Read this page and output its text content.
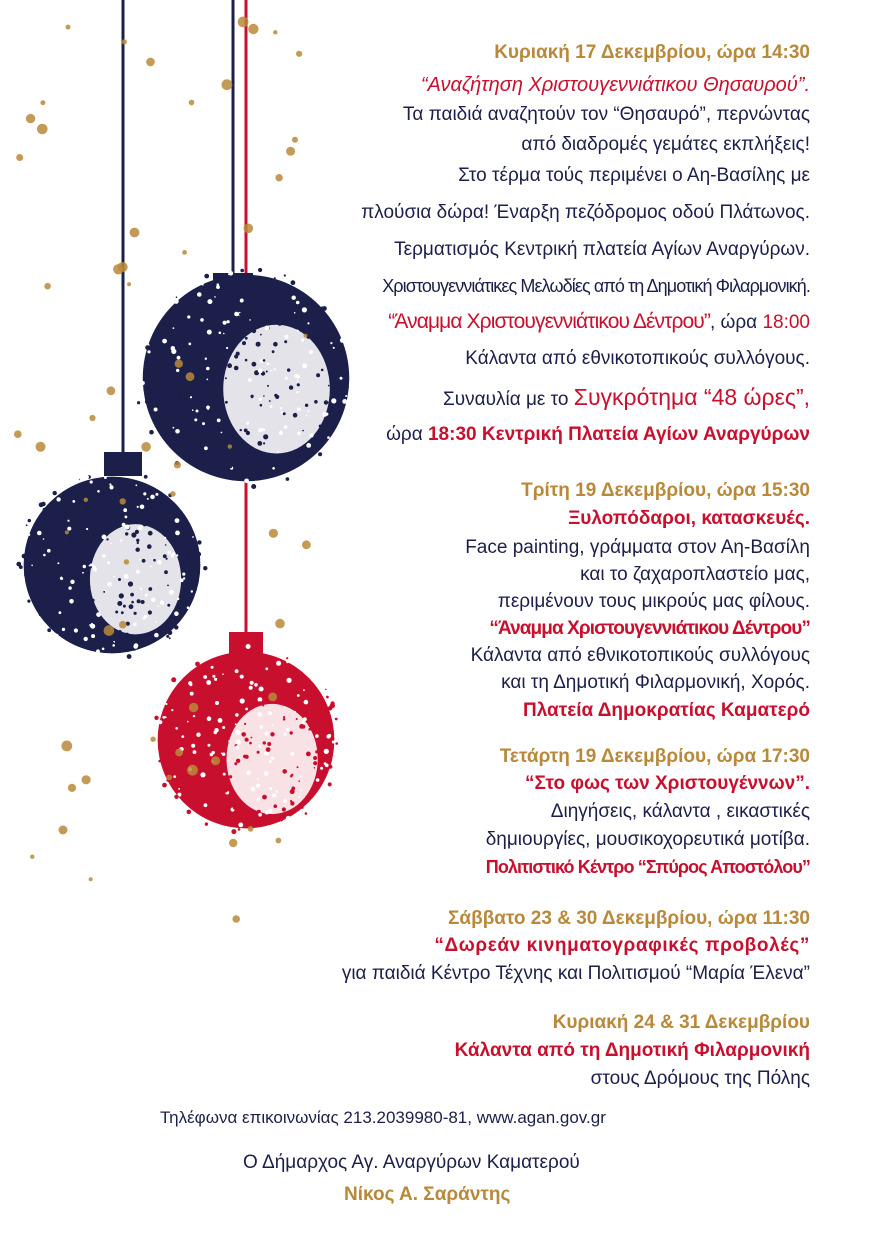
Κυριακή 17 Δεκεμβρίου, ώρα 14:30
“Αναζήτηση Χριστουγεννιάτικου Θησαυρού”.
Τα παιδιά αναζητούν τον “Θησαυρό”, περνώντας
από διαδρομές γεμάτες εκπλήξεις!
Στο τέρμα τούς περιμένει ο Αη-Βασίλης με
πλούσια δώρα! Έναρξη πεζόδρομος οδού Πλάτωνος.
Τερματισμός Κεντρική πλατεία Αγίων Αναργύρων.
Χριστουγεννιάτικες Μελωδίες από τη Δημοτική Φιλαρμονική.
“Άναμμα Χριστουγεννιάτικου Δέντρου”, ώρα 18:00
Κάλαντα από εθνικοτοπικούς συλλόγους.
Συναυλία με το Συγκρότημα “48 ώρες”,
ώρα 18:30 Κεντρική Πλατεία Αγίων Αναργύρων
Τρίτη 19 Δεκεμβρίου, ώρα 15:30
Ξυλοπόδαροι, κατασκευές.
Face painting, γράμματα στον Αη-Βασίλη
και το ζαχαροπλαστείο μας,
περιμένουν τους μικρούς μας φίλους.
“Άναμμα Χριστουγεννιάτικου Δέντρου”
Κάλαντα από εθνικοτοπικούς συλλόγους
και τη Δημοτική Φιλαρμονική, Χορός.
Πλατεία Δημοκρατίας Καματερό
Τετάρτη 19 Δεκεμβρίου, ώρα 17:30
“Στο φως των Χριστουγέννων”.
Διηγήσεις, κάλαντα , εικαστικές
δημιουργίες, μουσικοχορευτικά μοτίβα.
Πολιτιστικό Κέντρο “Σπύρος Αποστόλου”
Σάββατο 23 & 30 Δεκεμβρίου, ώρα 11:30
“Δωρεάν κινηματογραφικές προβολές”
για παιδιά Κέντρο Τέχνης και Πολιτισμού “Μαρία Έλενα”
Κυριακή 24 & 31 Δεκεμβρίου
Κάλαντα από τη Δημοτική Φιλαρμονική
στους Δρόμους της Πόλης
Τηλέφωνα επικοινωνίας 213.2039980-81, www.agan.gov.gr
Ο Δήμαρχος Αγ. Αναργύρων Καματερού
Νίκος Α. Σαράντης
